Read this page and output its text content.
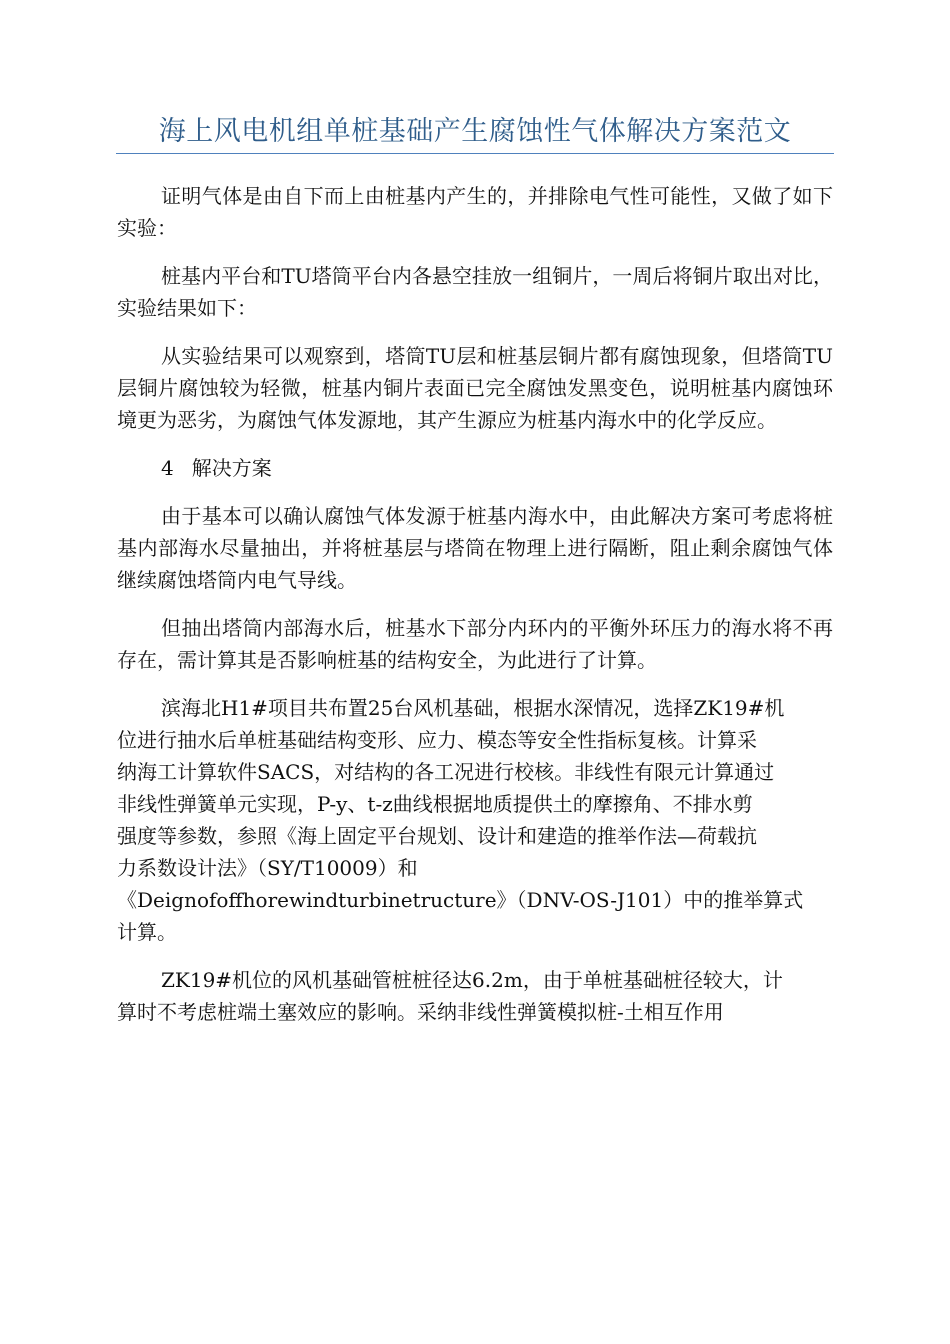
海上风电机组单桩基础产生腐蚀性气体解决方案范文

证明气体是由自下而上由桩基内产生的，并排除电气性可能性，又做了如下实验：

桩基内平台和TU塔筒平台内各悬空挂放一组铜片，一周后将铜片取出对比，实验结果如下：

从实验结果可以观察到，塔筒TU层和桩基层铜片都有腐蚀现象，但塔筒TU层铜片腐蚀较为轻微，桩基内铜片表面已完全腐蚀发黑变色，说明桩基内腐蚀环境更为恶劣，为腐蚀气体发源地，其产生源应为桩基内海水中的化学反应。

4 解决方案

由于基本可以确认腐蚀气体发源于桩基内海水中，由此解决方案可考虑将桩基内部海水尽量抽出，并将桩基层与塔筒在物理上进行隔断，阻止剩余腐蚀气体继续腐蚀塔筒内电气导线。

但抽出塔筒内部海水后，桩基水下部分内环内的平衡外环压力的海水将不再存在，需计算其是否影响桩基的结构安全，为此进行了计算。

滨海北H1#项目共布置25台风机基础，根据水深情况，选择ZK19#机
位进行抽水后单桩基础结构变形、应力、模态等安全性指标复核。计算采
纳海工计算软件SACS，对结构的各工况进行校核。非线性有限元计算通过
非线性弹簧单元实现，P-y、t-z曲线根据地质提供土的摩擦角、不排水剪
强度等参数，参照《海上固定平台规划、设计和建造的推举作法—荷载抗
力系数设计法》（SY/T10009）和
《Deignofoffhorewindturbinetructure》（DNV-OS-J101）中的推举算式
计算。

ZK19#机位的风机基础管桩桩径达6.2m，由于单桩基础桩径较大，计
算时不考虑桩端土塞效应的影响。采纳非线性弹簧模拟桩-土相互作用
